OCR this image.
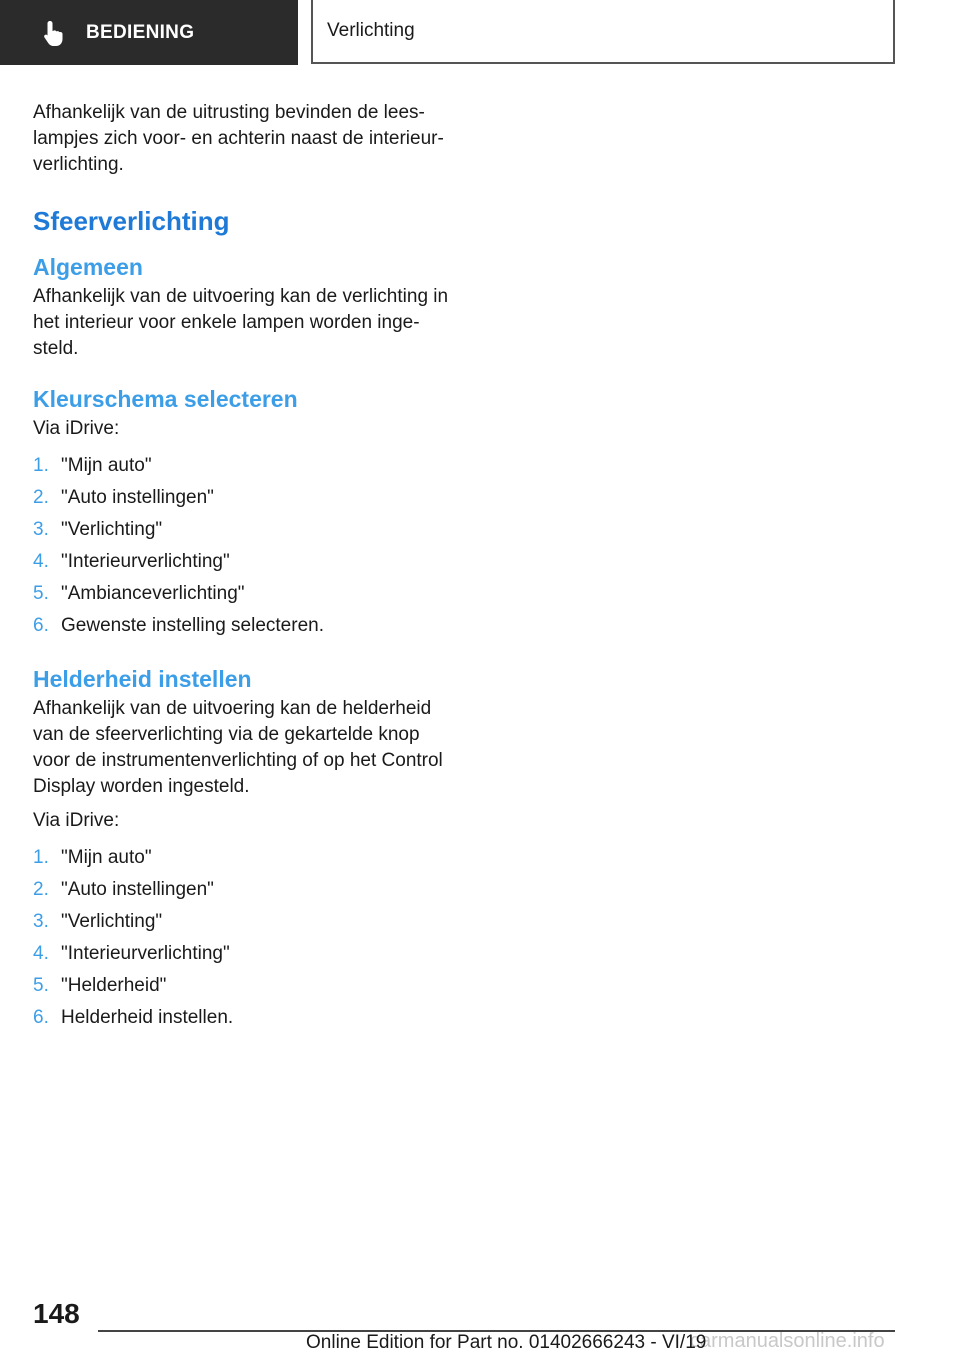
BEDIENING	Verlichting

Afhankelijk van de uitrusting bevinden de lees-lampjes zich voor- en achterin naast de interieur-verlichting.

Sfeerverlichting
Algemeen

Afhankelijk van de uitvoering kan de verlichting in het interieur voor enkele lampen worden inge-steld.

Kleurschema selecteren

Via iDrive:

1. "Mijn auto"
2. "Auto instellingen"
3. "Verlichting"
4. "Interieurverlichting"
5. "Ambianceverlichting"
6. Gewenste instelling selecteren.
Helderheid instellen

Afhankelijk van de uitvoering kan de helderheid van de sfeerverlichting via de gekartelde knop voor de instrumentenverlichting of op het Control Display worden ingesteld.

Via iDrive:

1. "Mijn auto"
2. "Auto instellingen"
3. "Verlichting"
4. "Interieurverlichting"
5. "Helderheid"
6. Helderheid instellen.
148
carmanualsonline.info
Online Edition for Part no. 01402666243 - VI/19
